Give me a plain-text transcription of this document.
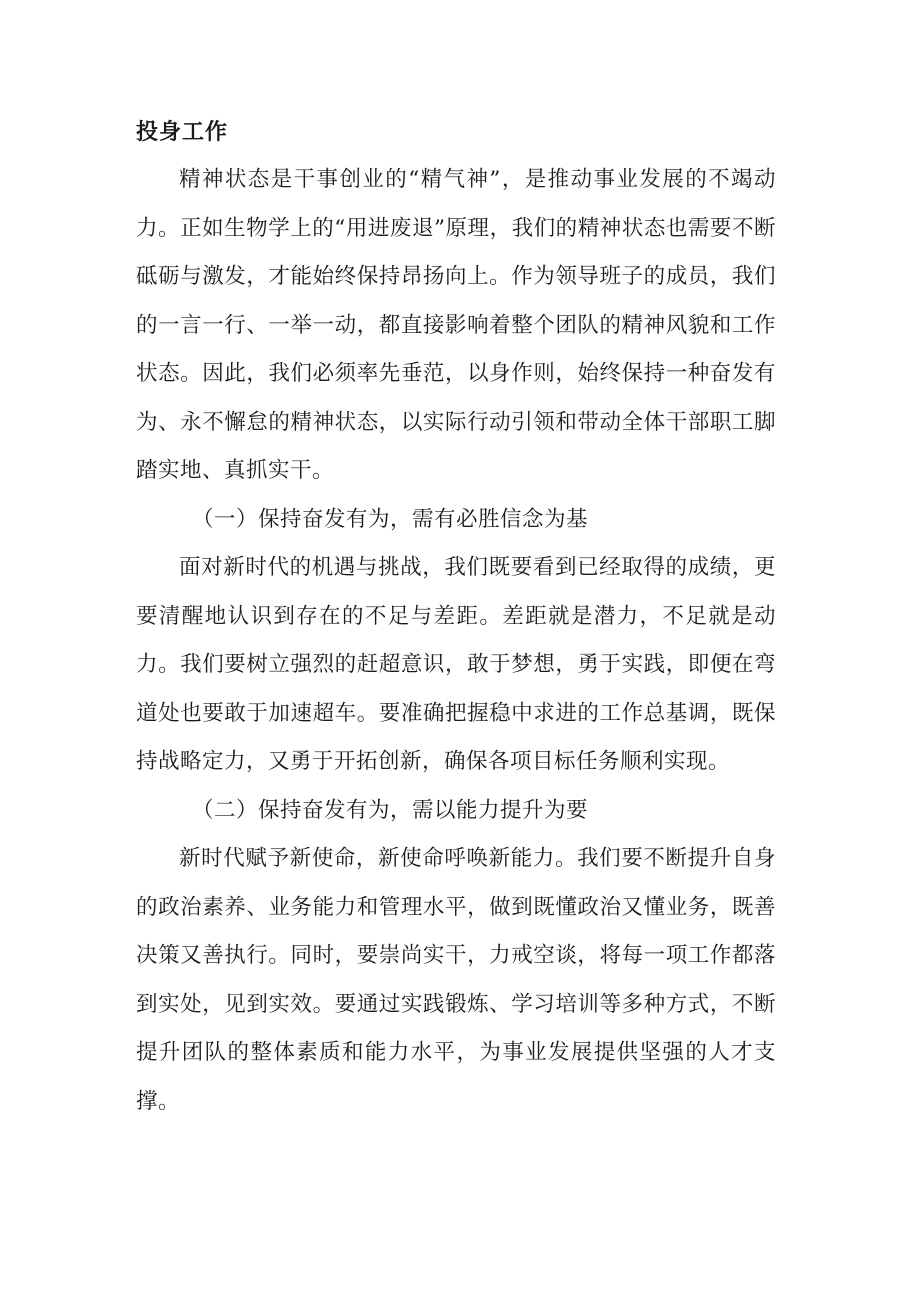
投身工作

精神状态是干事创业的“精气神”，是推动事业发展的不竭动力。正如生物学上的“用进废退”原理，我们的精神状态也需要不断砥砺与激发，才能始终保持昂扬向上。作为领导班子的成员，我们的一言一行、一举一动，都直接影响着整个团队的精神风貌和工作状态。因此，我们必须率先垂范，以身作则，始终保持一种奋发有为、永不懈怠的精神状态，以实际行动引领和带动全体干部职工脚踏实地、真抓实干。

（一）保持奋发有为，需有必胜信念为基

面对新时代的机遇与挑战，我们既要看到已经取得的成绩，更要清醒地认识到存在的不足与差距。差距就是潜力，不足就是动力。我们要树立强烈的赶超意识，敢于梦想，勇于实践，即便在弯道处也要敢于加速超车。要准确把握稳中求进的工作总基调，既保持战略定力，又勇于开拓创新，确保各项目标任务顺利实现。

（二）保持奋发有为，需以能力提升为要

新时代赋予新使命，新使命呼唤新能力。我们要不断提升自身的政治素养、业务能力和管理水平，做到既懂政治又懂业务，既善决策又善执行。同时，要崇尚实干，力戒空谈，将每一项工作都落到实处，见到实效。要通过实践锻炼、学习培训等多种方式，不断提升团队的整体素质和能力水平，为事业发展提供坚强的人才支撑。
